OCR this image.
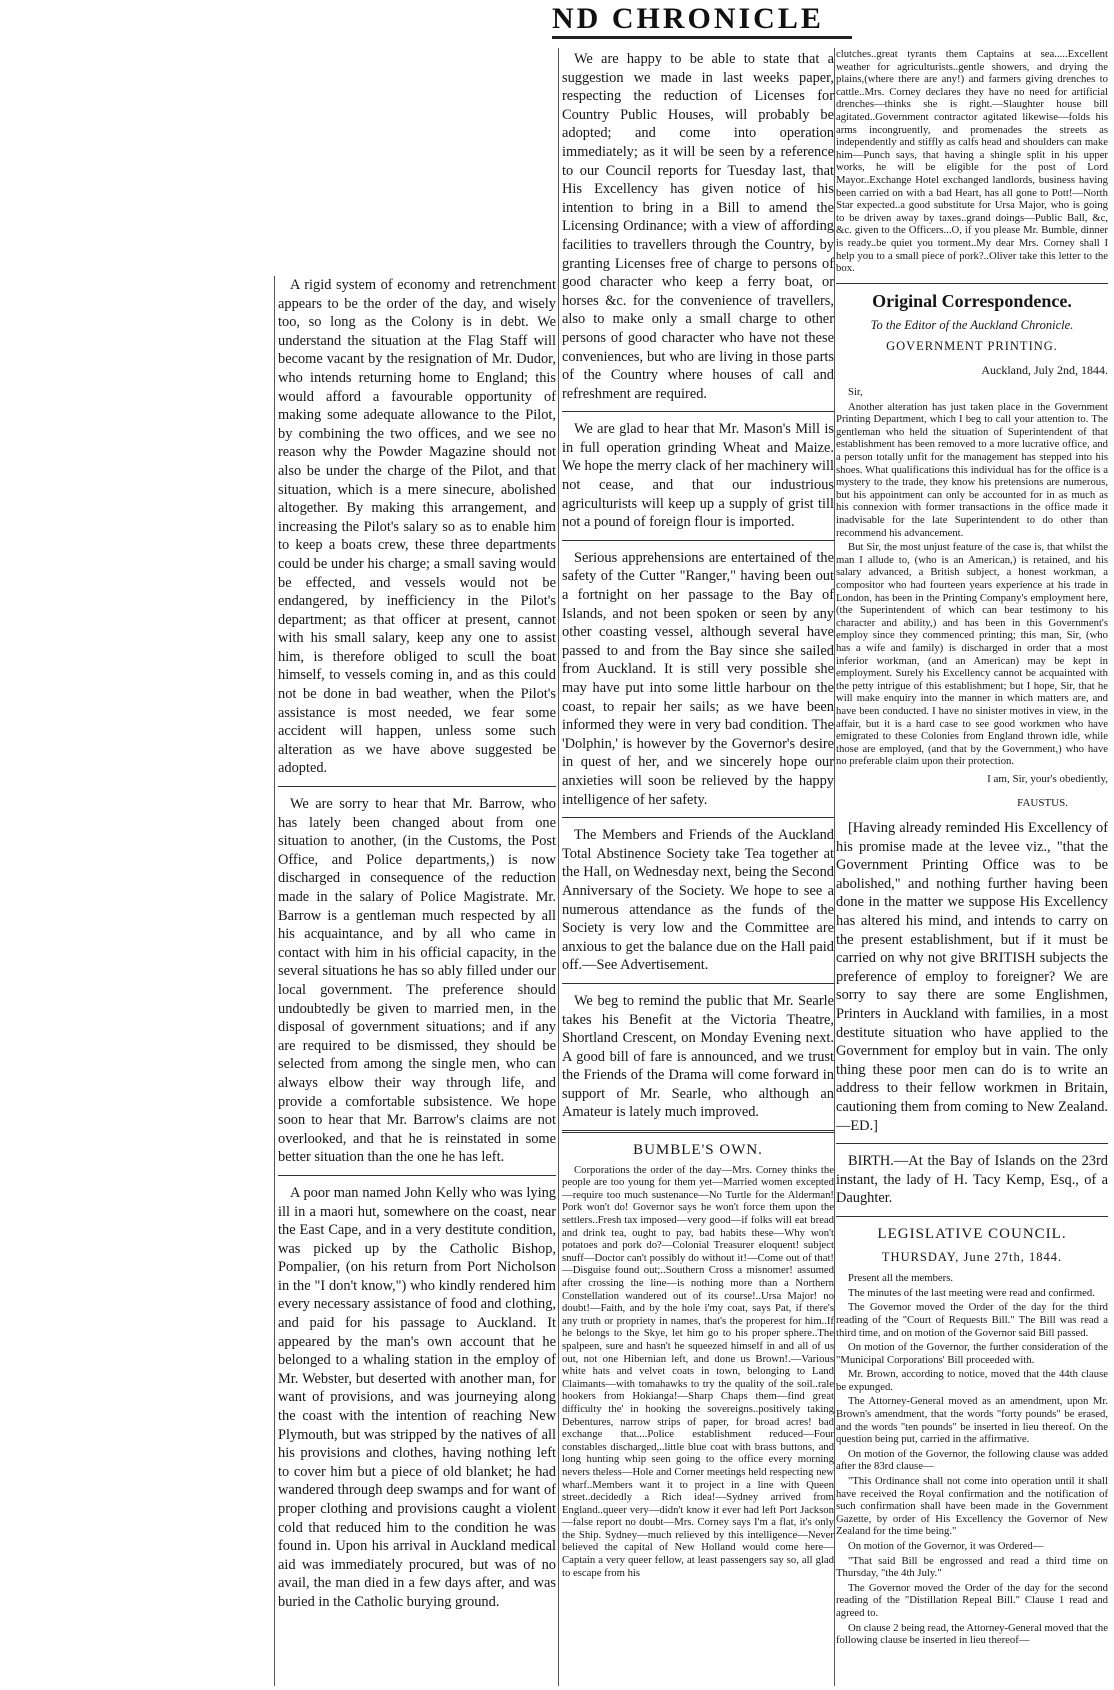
ND CHRONICLE

A rigid system of economy and retrenchment appears to be the order of the day, and wisely too, so long as the Colony is in debt. We understand the situation at the Flag Staff will become vacant by the resignation of Mr. Dudor, who intends returning home to England; this would afford a favourable opportunity of making some adequate allowance to the Pilot, by combining the two offices, and we see no reason why the Powder Magazine should not also be under the charge of the Pilot, and that situation, which is a mere sinecure, abolished altogether. By making this arrangement, and increasing the Pilot's salary so as to enable him to keep a boats crew, these three departments could be under his charge; a small saving would be effected, and vessels would not be endangered, by inefficiency in the Pilot's department; as that officer at present, cannot with his small salary, keep any one to assist him, is therefore obliged to scull the boat himself, to vessels coming in, and as this could not be done in bad weather, when the Pilot's assistance is most needed, we fear some accident will happen, unless some such alteration as we have above suggested be adopted.

We are sorry to hear that Mr. Barrow, who has lately been changed about from one situation to another, (in the Customs, the Post Office, and Police departments,) is now discharged in consequence of the reduction made in the salary of Police Magistrate. Mr. Barrow is a gentleman much respected by all his acquaintance, and by all who came in contact with him in his official capacity, in the several situations he has so ably filled under our local government. The preference should undoubtedly be given to married men, in the disposal of government situations; and if any are required to be dismissed, they should be selected from among the single men, who can always elbow their way through life, and provide a comfortable subsistence. We hope soon to hear that Mr. Barrow's claims are not overlooked, and that he is reinstated in some better situation than the one he has left.

A poor man named John Kelly who was lying ill in a maori hut, somewhere on the coast, near the East Cape, and in a very destitute condition, was picked up by the Catholic Bishop, Pompalier, (on his return from Port Nicholson in the "I don't know,") who kindly rendered him every necessary assistance of food and clothing, and paid for his passage to Auckland. It appeared by the man's own account that he belonged to a whaling station in the employ of Mr. Webster, but deserted with another man, for want of provisions, and was journeying along the coast with the intention of reaching New Plymouth, but was stripped by the natives of all his provisions and clothes, having nothing left to cover him but a piece of old blanket; he had wandered through deep swamps and for want of proper clothing and provisions caught a violent cold that reduced him to the condition he was found in. Upon his arrival in Auckland medical aid was immediately procured, but was of no avail, the man died in a few days after, and was buried in the Catholic burying ground.

We are happy to be able to state that a suggestion we made in last weeks paper, respecting the reduction of Licenses for Country Public Houses, will probably be adopted; and come into operation immediately; as it will be seen by a reference to our Council reports for Tuesday last, that His Excellency has given notice of his intention to bring in a Bill to amend the Licensing Ordinance; with a view of affording facilities to travellers through the Country, by granting Licenses free of charge to persons of good character who keep a ferry boat, or horses &c. for the convenience of travellers, also to make only a small charge to other persons of good character who have not these conveniences, but who are living in those parts of the Country where houses of call and refreshment are required.

We are glad to hear that Mr. Mason's Mill is in full operation grinding Wheat and Maize. We hope the merry clack of her machinery will not cease, and that our industrious agriculturists will keep up a supply of grist till not a pound of foreign flour is imported.

Serious apprehensions are entertained of the safety of the Cutter "Ranger," having been out a fortnight on her passage to the Bay of Islands, and not been spoken or seen by any other coasting vessel, although several have passed to and from the Bay since she sailed from Auckland. It is still very possible she may have put into some little harbour on the coast, to repair her sails; as we have been informed they were in very bad condition. The 'Dolphin,' is however by the Governor's desire in quest of her, and we sincerely hope our anxieties will soon be relieved by the happy intelligence of her safety.

The Members and Friends of the Auckland Total Abstinence Society take Tea together at the Hall, on Wednesday next, being the Second Anniversary of the Society. We hope to see a numerous attendance as the funds of the Society is very low and the Committee are anxious to get the balance due on the Hall paid off.—See Advertisement.

We beg to remind the public that Mr. Searle takes his Benefit at the Victoria Theatre, Shortland Crescent, on Monday Evening next. A good bill of fare is announced, and we trust the Friends of the Drama will come forward in support of Mr. Searle, who although an Amateur is lately much improved.

BUMBLE'S OWN.

Corporations the order of the day—Mrs. Corney thinks the people are too young for them yet—Married women excepted—require too much sustenance—No Turtle for the Alderman! Pork won't do! Governor says he won't force them upon the settlers..Fresh tax imposed—very good—if folks will eat bread and drink tea, ought to pay, bad habits these—Why won't potatoes and pork do?—Colonial Treasurer eloquent! subject snuff—Doctor can't possibly do without it!—Come out of that!—Disguise found out;..Southern Cross a misnomer! assumed after crossing the line—is nothing more than a Northern Constellation wandered out of its course!..Ursa Major! no doubt!—Faith, and by the hole i'my coat, says Pat, if there's any truth or propriety in names, that's the properest for him..If he belongs to the Skye, let him go to his proper sphere..The spalpeen, sure and hasn't he squeezed himself in and all of us out, not one Hibernian left, and done us Brown!.—Various white hats and velvet coats in town, belonging to Land Claimants—with tomahawks to try the quality of the soil..rale hookers from Hokianga!—Sharp Chaps them—find great difficulty the' in hooking the sovereigns..positively taking Debentures, narrow strips of paper, for broad acres! bad exchange that....Police establishment reduced—Four constables discharged,..little blue coat with brass buttons, and long hunting whip seen going to the office every morning nevers theless—Hole and Corner meetings held respecting new wharf..Members want it to project in a line with Queen street..decidedly a Rich idea!—Sydney arrived from England..queer very—didn't know it ever had left Port Jackson—false report no doubt—Mrs. Corney says I'm a flat, it's only the Ship. Sydney—much relieved by this intelligence—Never believed the capital of New Holland would come here—Captain a very queer fellow, at least passengers say so, all glad to escape from his

clutches..great tyrants them Captains at sea.....Excellent weather for agriculturists..gentle showers, and drying the plains,(where there are any!) and farmers giving drenches to cattle..Mrs. Corney declares they have no need for artificial drenches—thinks she is right.—Slaughter house bill agitated..Government contractor agitated likewise—folds his arms incongruently, and promenades the streets as independently and stiffly as calfs head and shoulders can make him—Punch says, that having a shingle split in his upper works, he will be eligible for the post of Lord Mayor..Exchange Hotel exchanged landlords, business having been carried on with a bad Heart, has all gone to Pott!—North Star expected..a good substitute for Ursa Major, who is going to be driven away by taxes..grand doings—Public Ball, &c, &c. given to the Officers...O, if you please Mr. Bumble, dinner is ready..be quiet you torment..My dear Mrs. Corney shall I help you to a small piece of pork?..Oliver take this letter to the box.

Original Correspondence.
To the Editor of the Auckland Chronicle.
GOVERNMENT PRINTING.
Auckland, July 2nd, 1844.

Sir,

Another alteration has just taken place in the Government Printing Department, which I beg to call your attention to. The gentleman who held the situation of Superintendent of that establishment has been removed to a more lucrative office, and a person totally unfit for the management has stepped into his shoes. What qualifications this individual has for the office is a mystery to the trade, they know his pretensions are numerous, but his appointment can only be accounted for in as much as his connexion with former transactions in the office made it inadvisable for the late Superintendent to do other than recommend his advancement.

But Sir, the most unjust feature of the case is, that whilst the man I allude to, (who is an American,) is retained, and his salary advanced, a British subject, a honest workman, a compositor who had fourteen years experience at his trade in London, has been in the Printing Company's employment here, (the Superintendent of which can bear testimony to his character and ability,) and has been in this Government's employ since they commenced printing; this man, Sir, (who has a wife and family) is discharged in order that a most inferior workman, (and an American) may be kept in employment. Surely his Excellency cannot be acquainted with the petty intrigue of this establishment; but I hope, Sir, that he will make enquiry into the manner in which matters are, and have been conducted. I have no sinister motives in view, in the affair, but it is a hard case to see good workmen who have emigrated to these Colonies from England thrown idle, while those are employed, (and that by the Government,) who have no preferable claim upon their protection.

I am, Sir, your's obediently,
FAUSTUS.

[Having already reminded His Excellency of his promise made at the levee viz., "that the Government Printing Office was to be abolished," and nothing further having been done in the matter we suppose His Excellency has altered his mind, and intends to carry on the present establishment, but if it must be carried on why not give BRITISH subjects the preference of employ to foreigner? We are sorry to say there are some Englishmen, Printers in Auckland with families, in a most destitute situation who have applied to the Government for employ but in vain. The only thing these poor men can do is to write an address to their fellow workmen in Britain, cautioning them from coming to New Zealand.—ED.]

BIRTH.—At the Bay of Islands on the 23rd instant, the lady of H. Tacy Kemp, Esq., of a Daughter.

LEGISLATIVE COUNCIL.
THURSDAY, June 27th, 1844.

Present all the members.

The minutes of the last meeting were read and confirmed.

The Governor moved the Order of the day for the third reading of the "Court of Requests Bill." The Bill was read a third time, and on motion of the Governor said Bill passed.

On motion of the Governor, the further consideration of the "Municipal Corporations' Bill proceeded with.

Mr. Brown, according to notice, moved that the 44th clause be expunged.

The Attorney-General moved as an amendment, upon Mr. Brown's amendment, that the words "forty pounds" be erased, and the words "ten pounds" be inserted in lieu thereof. On the question being put, carried in the affirmative.

On motion of the Governor, the following clause was added after the 83rd clause—

"This Ordinance shall not come into operation until it shall have received the Royal confirmation and the notification of such confirmation shall have been made in the Government Gazette, by order of His Excellency the Governor of New Zealand for the time being."

On motion of the Governor, it was Ordered—

"That said Bill be engrossed and read a third time on Thursday, "the 4th July."

The Governor moved the Order of the day for the second reading of the "Distillation Repeal Bill." Clause 1 read and agreed to.

On clause 2 being read, the Attorney-General moved that the following clause be inserted in lieu thereof—
